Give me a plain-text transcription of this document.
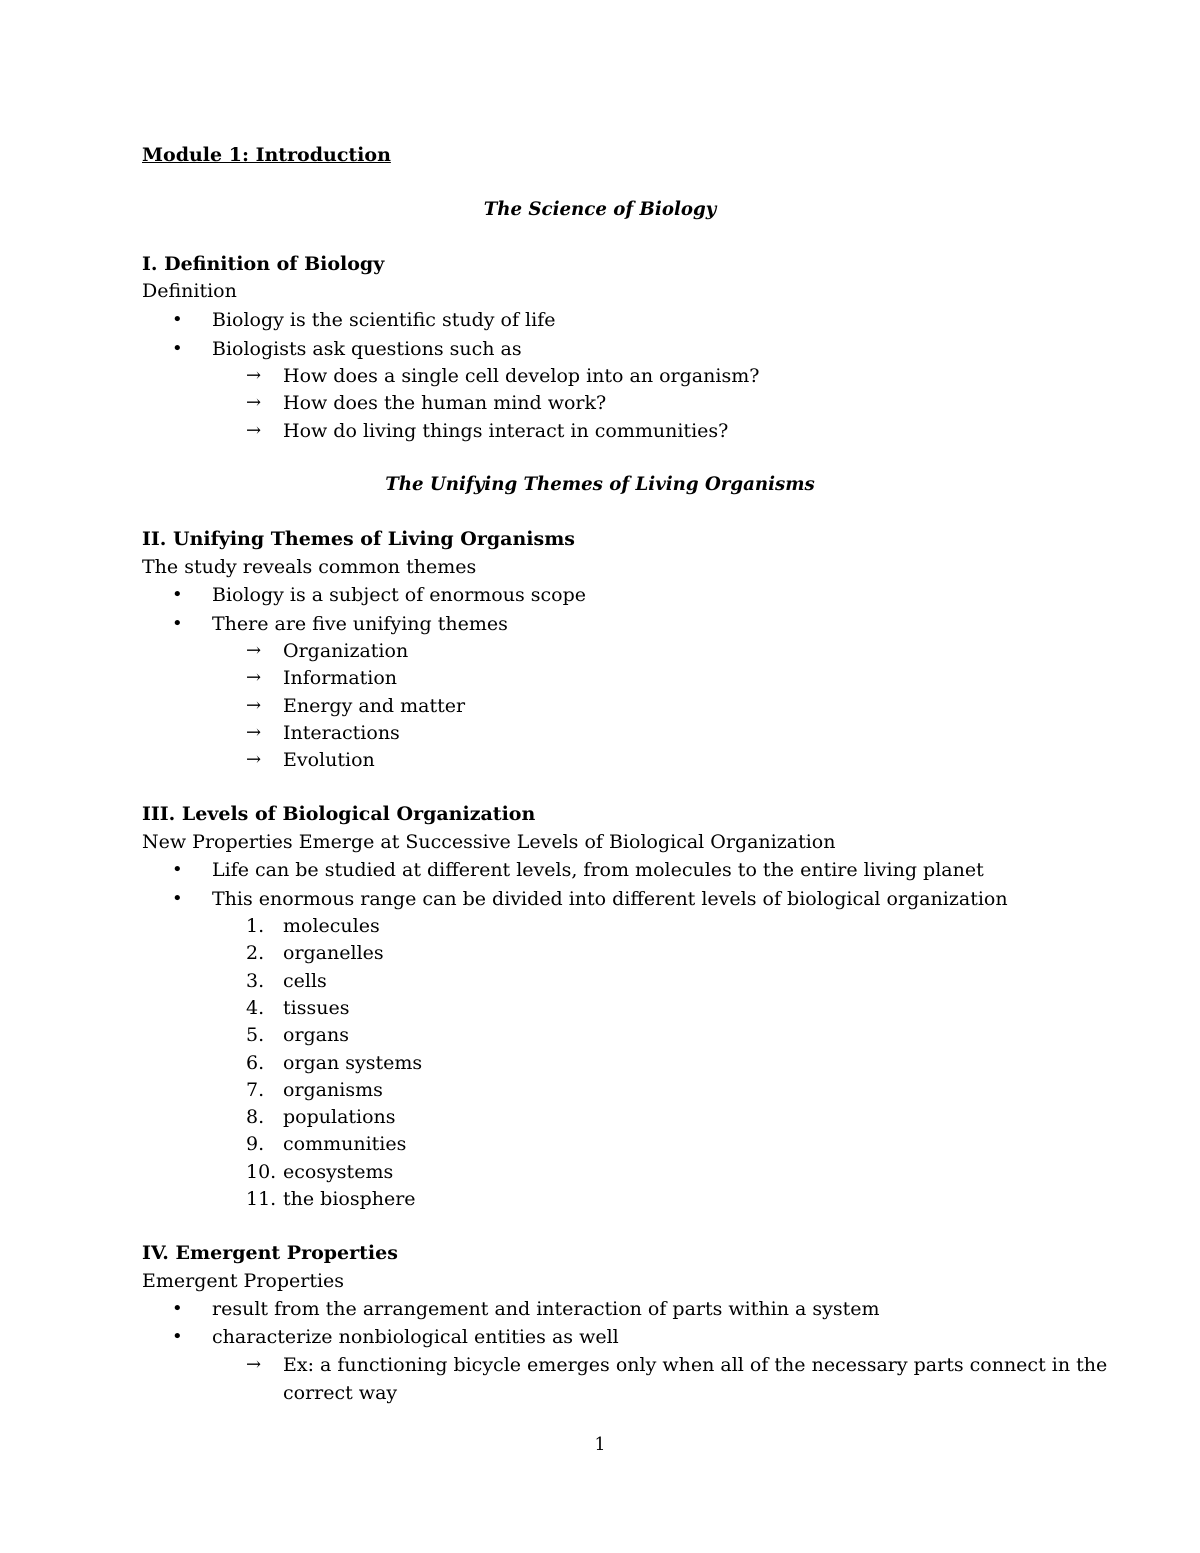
Module 1: Introduction
The Science of Biology
I. Definition of Biology
Definition
• Biology is the scientific study of life
• Biologists ask questions such as
→ How does a single cell develop into an organism?
→ How does the human mind work?
→ How do living things interact in communities?
The Unifying Themes of Living Organisms
II. Unifying Themes of Living Organisms
The study reveals common themes
• Biology is a subject of enormous scope
• There are five unifying themes
→ Organization
→ Information
→ Energy and matter
→ Interactions
→ Evolution
III. Levels of Biological Organization
New Properties Emerge at Successive Levels of Biological Organization
• Life can be studied at different levels, from molecules to the entire living planet
• This enormous range can be divided into different levels of biological organization
1. molecules
2. organelles
3. cells
4. tissues
5. organs
6. organ systems
7. organisms
8. populations
9. communities
10. ecosystems
11. the biosphere
IV. Emergent Properties
Emergent Properties
• result from the arrangement and interaction of parts within a system
• characterize nonbiological entities as well
→ Ex: a functioning bicycle emerges only when all of the necessary parts connect in the
correct way
1
